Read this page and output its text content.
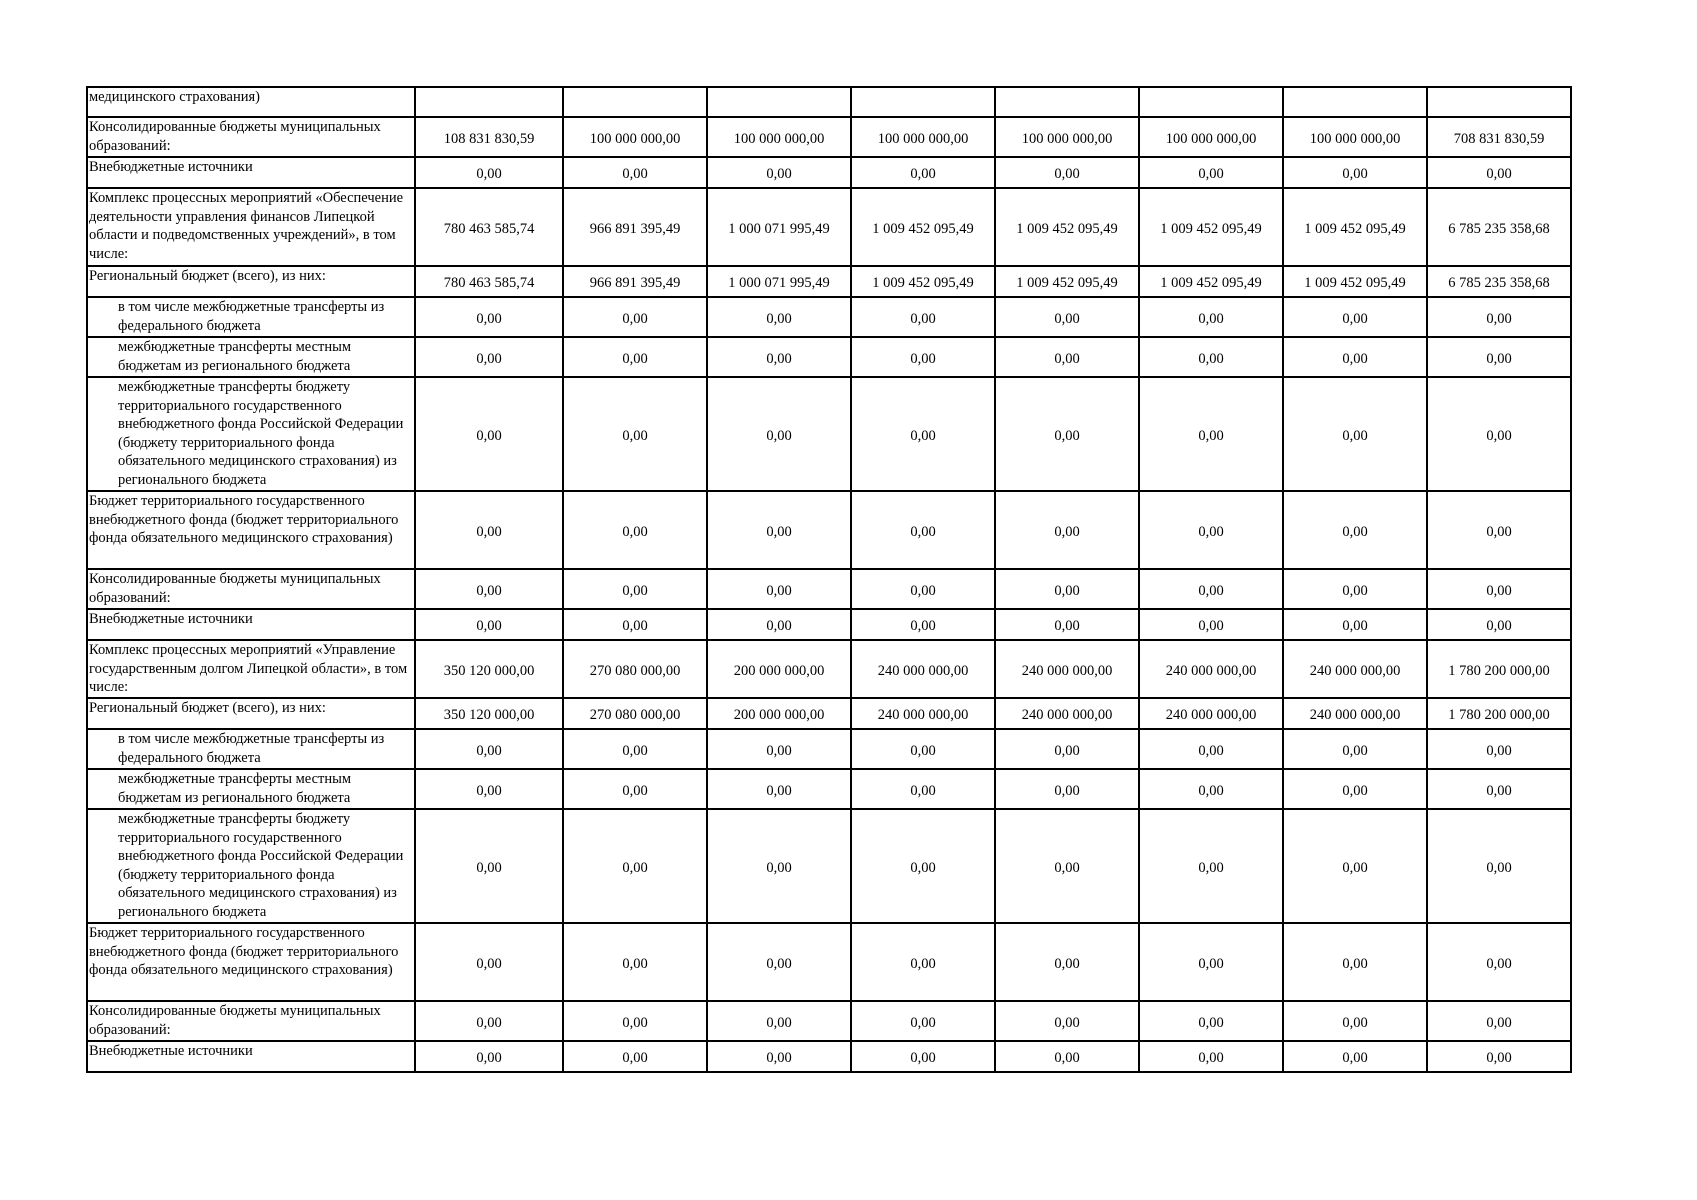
медицинского страхования)								
Консолидированные бюджеты муниципальных образований:	108 831 830,59	100 000 000,00	100 000 000,00	100 000 000,00	100 000 000,00	100 000 000,00	100 000 000,00	708 831 830,59
Внебюджетные источники	0,00	0,00	0,00	0,00	0,00	0,00	0,00	0,00
Комплекс процессных мероприятий «Обеспечение деятельности управления финансов Липецкой области и подведомственных учреждений», в том числе:	780 463 585,74	966 891 395,49	1 000 071 995,49	1 009 452 095,49	1 009 452 095,49	1 009 452 095,49	1 009 452 095,49	6 785 235 358,68
Региональный бюджет (всего), из них:	780 463 585,74	966 891 395,49	1 000 071 995,49	1 009 452 095,49	1 009 452 095,49	1 009 452 095,49	1 009 452 095,49	6 785 235 358,68
в том числе межбюджетные трансферты из федерального бюджета	0,00	0,00	0,00	0,00	0,00	0,00	0,00	0,00
межбюджетные трансферты местным бюджетам из регионального бюджета	0,00	0,00	0,00	0,00	0,00	0,00	0,00	0,00
межбюджетные трансферты бюджету территориального государственного внебюджетного фонда Российской Федерации (бюджету территориального фонда обязательного медицинского страхования) из регионального бюджета	0,00	0,00	0,00	0,00	0,00	0,00	0,00	0,00
Бюджет территориального государственного внебюджетного фонда (бюджет территориального фонда обязательного медицинского страхования)	0,00	0,00	0,00	0,00	0,00	0,00	0,00	0,00
Консолидированные бюджеты муниципальных образований:	0,00	0,00	0,00	0,00	0,00	0,00	0,00	0,00
Внебюджетные источники	0,00	0,00	0,00	0,00	0,00	0,00	0,00	0,00
Комплекс процессных мероприятий «Управление государственным долгом Липецкой области», в том числе:	350 120 000,00	270 080 000,00	200 000 000,00	240 000 000,00	240 000 000,00	240 000 000,00	240 000 000,00	1 780 200 000,00
Региональный бюджет (всего), из них:	350 120 000,00	270 080 000,00	200 000 000,00	240 000 000,00	240 000 000,00	240 000 000,00	240 000 000,00	1 780 200 000,00
в том числе межбюджетные трансферты из федерального бюджета	0,00	0,00	0,00	0,00	0,00	0,00	0,00	0,00
межбюджетные трансферты местным бюджетам из регионального бюджета	0,00	0,00	0,00	0,00	0,00	0,00	0,00	0,00
межбюджетные трансферты бюджету территориального государственного внебюджетного фонда Российской Федерации (бюджету территориального фонда обязательного медицинского страхования) из регионального бюджета	0,00	0,00	0,00	0,00	0,00	0,00	0,00	0,00
Бюджет территориального государственного внебюджетного фонда (бюджет территориального фонда обязательного медицинского страхования)	0,00	0,00	0,00	0,00	0,00	0,00	0,00	0,00
Консолидированные бюджеты муниципальных образований:	0,00	0,00	0,00	0,00	0,00	0,00	0,00	0,00
Внебюджетные источники	0,00	0,00	0,00	0,00	0,00	0,00	0,00	0,00
